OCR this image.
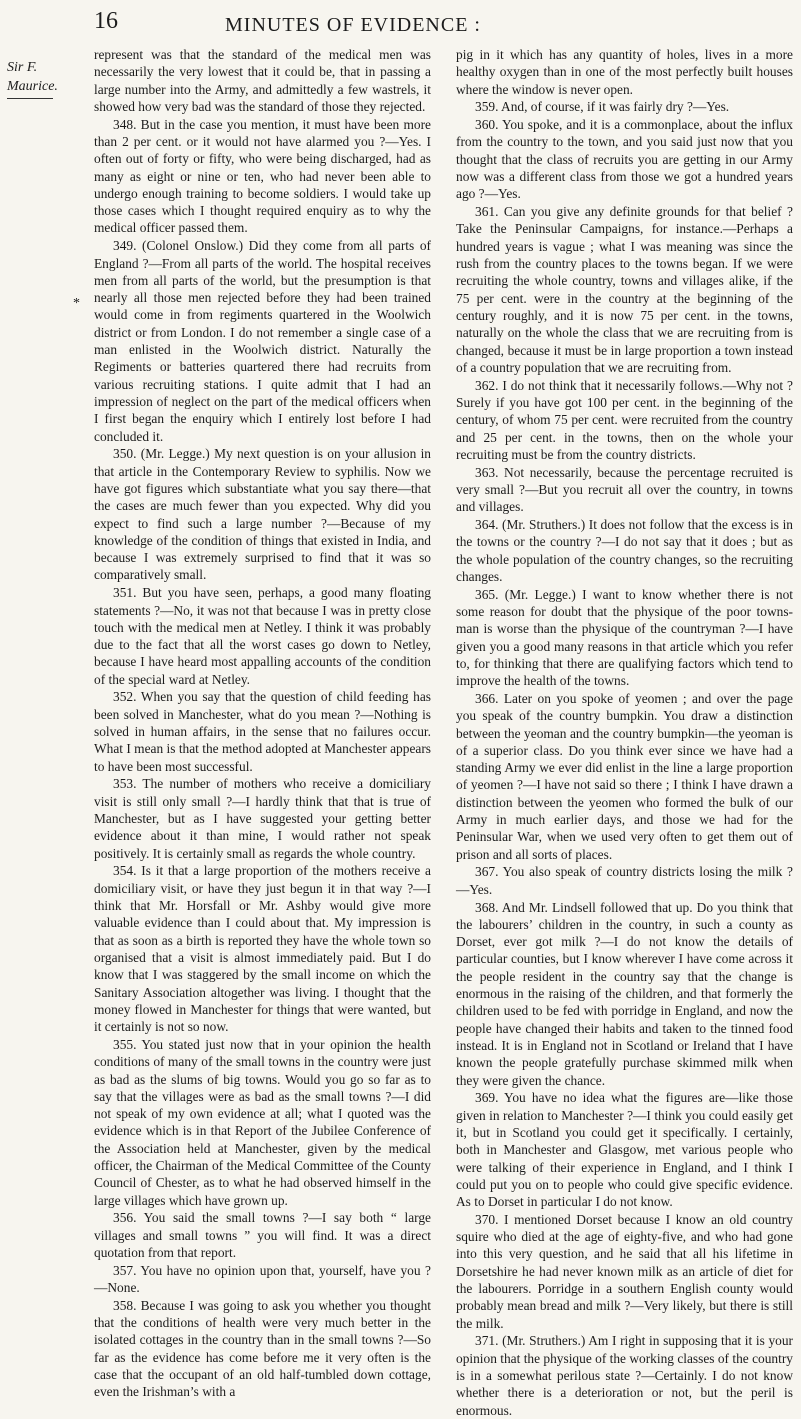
16	MINUTES OF EVIDENCE :
Sir F. Maurice.
*

represent was that the standard of the medical men was necessarily the very lowest that it could be, that in passing a large number into the Army, and admittedly a few wastrels, it showed how very bad was the standard of those they rejected.

348. But in the case you mention, it must have been more than 2 per cent. or it would not have alarmed you ?—Yes. I often out of forty or fifty, who were being discharged, had as many as eight or nine or ten, who had never been able to undergo enough training to become soldiers. I would take up those cases which I thought required enquiry as to why the medical officer passed them.

349. (Colonel Onslow.) Did they come from all parts of England ?—From all parts of the world. The hospital receives men from all parts of the world, but the presumption is that nearly all those men rejected before they had been trained would come in from regiments quartered in the Woolwich district or from London. I do not remember a single case of a man enlisted in the Woolwich district. Naturally the Regiments or batteries quartered there had recruits from various recruiting stations. I quite admit that I had an impression of neglect on the part of the medical officers when I first began the enquiry which I entirely lost before I had concluded it.

350. (Mr. Legge.) My next question is on your allusion in that article in the Contemporary Review to syphilis. Now we have got figures which substantiate what you say there—that the cases are much fewer than you expected. Why did you expect to find such a large number ?—Because of my knowledge of the condition of things that existed in India, and because I was extremely surprised to find that it was so comparatively small.

351. But you have seen, perhaps, a good many floating statements ?—No, it was not that because I was in pretty close touch with the medical men at Netley. I think it was probably due to the fact that all the worst cases go down to Netley, because I have heard most appalling accounts of the condition of the special ward at Netley.

352. When you say that the question of child feeding has been solved in Manchester, what do you mean ?—Nothing is solved in human affairs, in the sense that no failures occur. What I mean is that the method adopted at Manchester appears to have been most successful.

353. The number of mothers who receive a domiciliary visit is still only small ?—I hardly think that that is true of Manchester, but as I have suggested your getting better evidence about it than mine, I would rather not speak positively. It is certainly small as regards the whole country.

354. Is it that a large proportion of the mothers receive a domiciliary visit, or have they just begun it in that way ?—I think that Mr. Horsfall or Mr. Ashby would give more valuable evidence than I could about that. My impression is that as soon as a birth is reported they have the whole town so organised that a visit is almost immediately paid. But I do know that I was staggered by the small income on which the Sanitary Association altogether was living. I thought that the money flowed in Manchester for things that were wanted, but it certainly is not so now.

355. You stated just now that in your opinion the health conditions of many of the small towns in the country were just as bad as the slums of big towns. Would you go so far as to say that the villages were as bad as the small towns ?—I did not speak of my own evidence at all; what I quoted was the evidence which is in that Report of the Jubilee Conference of the Association held at Manchester, given by the medical officer, the Chairman of the Medical Committee of the County Council of Chester, as to what he had observed himself in the large villages which have grown up.

356. You said the small towns ?—I say both “ large villages and small towns ” you will find. It was a direct quotation from that report.

357. You have no opinion upon that, yourself, have you ?—None.

358. Because I was going to ask you whether you thought that the conditions of health were very much better in the isolated cottages in the country than in the small towns ?—So far as the evidence has come before me it very often is the case that the occupant of an old half-tumbled down cottage, even the Irishman’s with a

pig in it which has any quantity of holes, lives in a more healthy oxygen than in one of the most perfectly built houses where the window is never open.

359. And, of course, if it was fairly dry ?—Yes.

360. You spoke, and it is a commonplace, about the influx from the country to the town, and you said just now that you thought that the class of recruits you are getting in our Army now was a different class from those we got a hundred years ago ?—Yes.

361. Can you give any definite grounds for that belief ? Take the Peninsular Campaigns, for instance.—Perhaps a hundred years is vague ; what I was meaning was since the rush from the country places to the towns began. If we were recruiting the whole country, towns and villages alike, if the 75 per cent. were in the country at the beginning of the century roughly, and it is now 75 per cent. in the towns, naturally on the whole the class that we are recruiting from is changed, because it must be in large proportion a town instead of a country population that we are recruiting from.

362. I do not think that it necessarily follows.—Why not ? Surely if you have got 100 per cent. in the beginning of the century, of whom 75 per cent. were recruited from the country and 25 per cent. in the towns, then on the whole your recruiting must be from the country districts.

363. Not necessarily, because the percentage recruited is very small ?—But you recruit all over the country, in towns and villages.

364. (Mr. Struthers.) It does not follow that the excess is in the towns or the country ?—I do not say that it does ; but as the whole population of the country changes, so the recruiting changes.

365. (Mr. Legge.) I want to know whether there is not some reason for doubt that the physique of the poor towns-man is worse than the physique of the countryman ?—I have given you a good many reasons in that article which you refer to, for thinking that there are qualifying factors which tend to improve the health of the towns.

366. Later on you spoke of yeomen ; and over the page you speak of the country bumpkin. You draw a distinction between the yeoman and the country bumpkin—the yeoman is of a superior class. Do you think ever since we have had a standing Army we ever did enlist in the line a large proportion of yeomen ?—I have not said so there ; I think I have drawn a distinction between the yeomen who formed the bulk of our Army in much earlier days, and those we had for the Peninsular War, when we used very often to get them out of prison and all sorts of places.

367. You also speak of country districts losing the milk ? —Yes.

368. And Mr. Lindsell followed that up. Do you think that the labourers’ children in the country, in such a county as Dorset, ever got milk ?—I do not know the details of particular counties, but I know wherever I have come across it the people resident in the country say that the change is enormous in the raising of the children, and that formerly the children used to be fed with porridge in England, and now the people have changed their habits and taken to the tinned food instead. It is in England not in Scotland or Ireland that I have known the people gratefully purchase skimmed milk when they were given the chance.

369. You have no idea what the figures are—like those given in relation to Manchester ?—I think you could easily get it, but in Scotland you could get it specifically. I certainly, both in Manchester and Glasgow, met various people who were talking of their experience in England, and I think I could put you on to people who could give specific evidence. As to Dorset in particular I do not know.

370. I mentioned Dorset because I know an old country squire who died at the age of eighty-five, and who had gone into this very question, and he said that all his lifetime in Dorsetshire he had never known milk as an article of diet for the labourers. Porridge in a southern English county would probably mean bread and milk ?—Very likely, but there is still the milk.

371. (Mr. Struthers.) Am I right in supposing that it is your opinion that the physique of the working classes of the country is in a somewhat perilous state ?—Certainly. I do not know whether there is a deterioration or not, but the peril is enormous.
